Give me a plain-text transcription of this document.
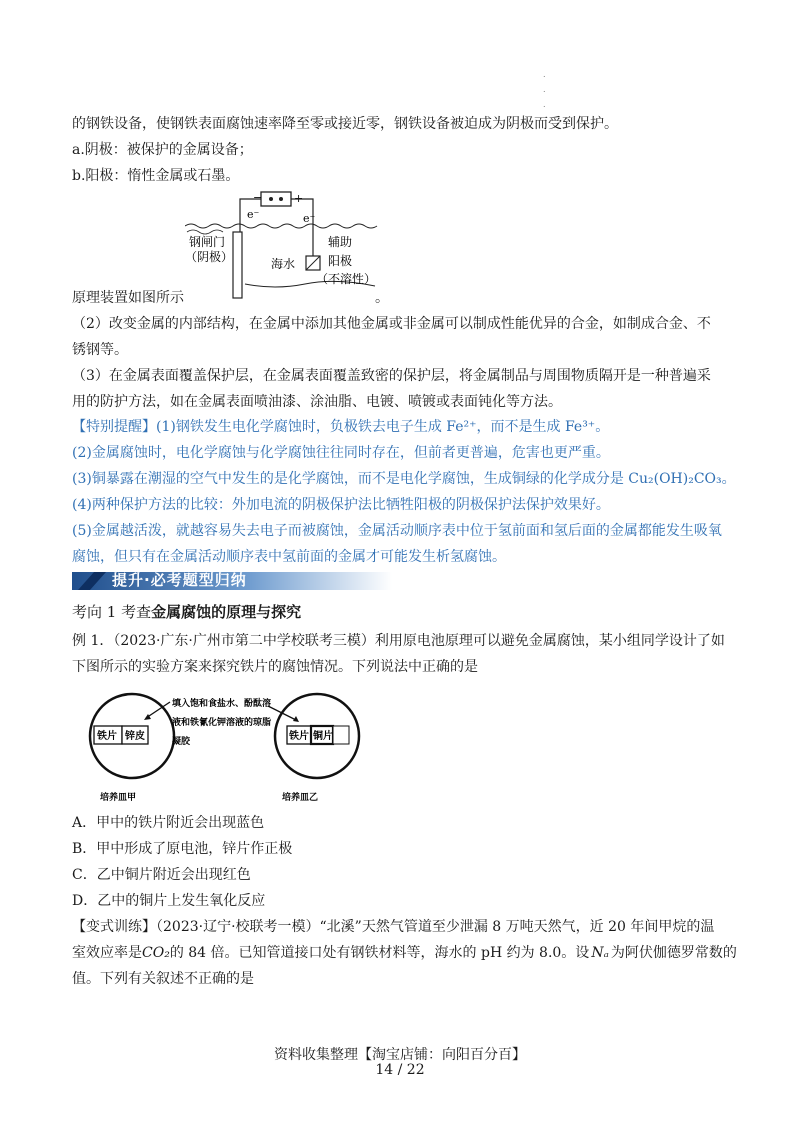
.
.
.
的钢铁设备，使钢铁表面腐蚀速率降至零或接近零，钢铁设备被迫成为阴极而受到保护。
a.阴极：被保护的金属设备；
b.阳极：惰性金属或石墨。
−	+
e⁻	e⁻
钢闸门
（阴极）	海水
辅助
阳极
（不溶性）
原理装置如图所示	。
（2）改变金属的内部结构，在金属中添加其他金属或非金属可以制成性能优异的合金，如制成合金、不
锈钢等。
（3）在金属表面覆盖保护层，在金属表面覆盖致密的保护层，将金属制品与周围物质隔开是一种普遍采
用的防护方法，如在金属表面喷油漆、涂油脂、电镀、喷镀或表面钝化等方法。
【特别提醒】(1)钢铁发生电化学腐蚀时，负极铁去电子生成 Fe²⁺，而不是生成 Fe³⁺。
(2)金属腐蚀时，电化学腐蚀与化学腐蚀往往同时存在，但前者更普遍，危害也更严重。
(3)铜暴露在潮湿的空气中发生的是化学腐蚀，而不是电化学腐蚀，生成铜绿的化学成分是 Cu₂(OH)₂CO₃。
(4)两种保护方法的比较：外加电流的阴极保护法比牺牲阳极的阴极保护法保护效果好。
(5)金属越活泼，就越容易失去电子而被腐蚀，金属活动顺序表中位于氢前面和氢后面的金属都能发生吸氧
腐蚀，但只有在金属活动顺序表中氢前面的金属才可能发生析氢腐蚀。
提升·必考题型归纳
考向 1 考查金属腐蚀的原理与探究
例 1．（2023·广东·广州市第二中学校联考三模）利用原电池原理可以避免金属腐蚀，某小组同学设计了如
下图所示的实验方案来探究铁片的腐蚀情况。下列说法中正确的是
铁片 锌皮	铁片 铜片
填入饱和食盐水、酚酞溶
液和铁氰化钾溶液的琼脂
凝胶
培养皿甲	培养皿乙
A．甲中的铁片附近会出现蓝色
B．甲中形成了原电池，锌片作正极
C．乙中铜片附近会出现红色
D．乙中的铜片上发生氧化反应
【变式训练】（2023·辽宁·校联考一模）“北溪”天然气管道至少泄漏 8 万吨天然气，近 20 年间甲烷的温
室效应率是CO₂的 84 倍。已知管道接口处有钢铁材料等，海水的 pH 约为 8.0。设 Nₐ 为阿伏伽德罗常数的
值。下列有关叙述不正确的是
资料收集整理【淘宝店铺：向阳百分百】
14 / 22
